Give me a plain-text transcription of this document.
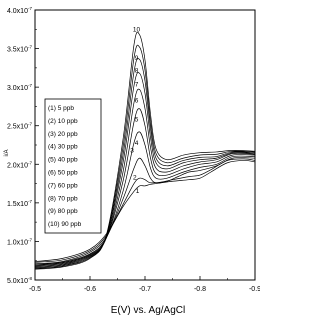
$5.0x10^{-8}$
$1.0x10^{-7}$
$1.5x10^{-7}$
$2.0x10^{-7}$
$2.5x10^{-7}$
$3.0x10^{-7}$
$3.5x10^{-7}$
$4.0x10^{-7}$
-0.5	-0.6	-0.7	-0.8	-0.9
1
2
3
4
5
6
7
8
9
10
(1) 5 ppb
(2) 10 ppb
(3) 20 ppb
(4) 30 ppb
(5) 40 ppb
(6) 50 ppb
(7) 60 ppb
(8) 70 ppb
(9) 80 ppb
(10) 90 ppb
E(V) vs. Ag/AgCl
i/A
